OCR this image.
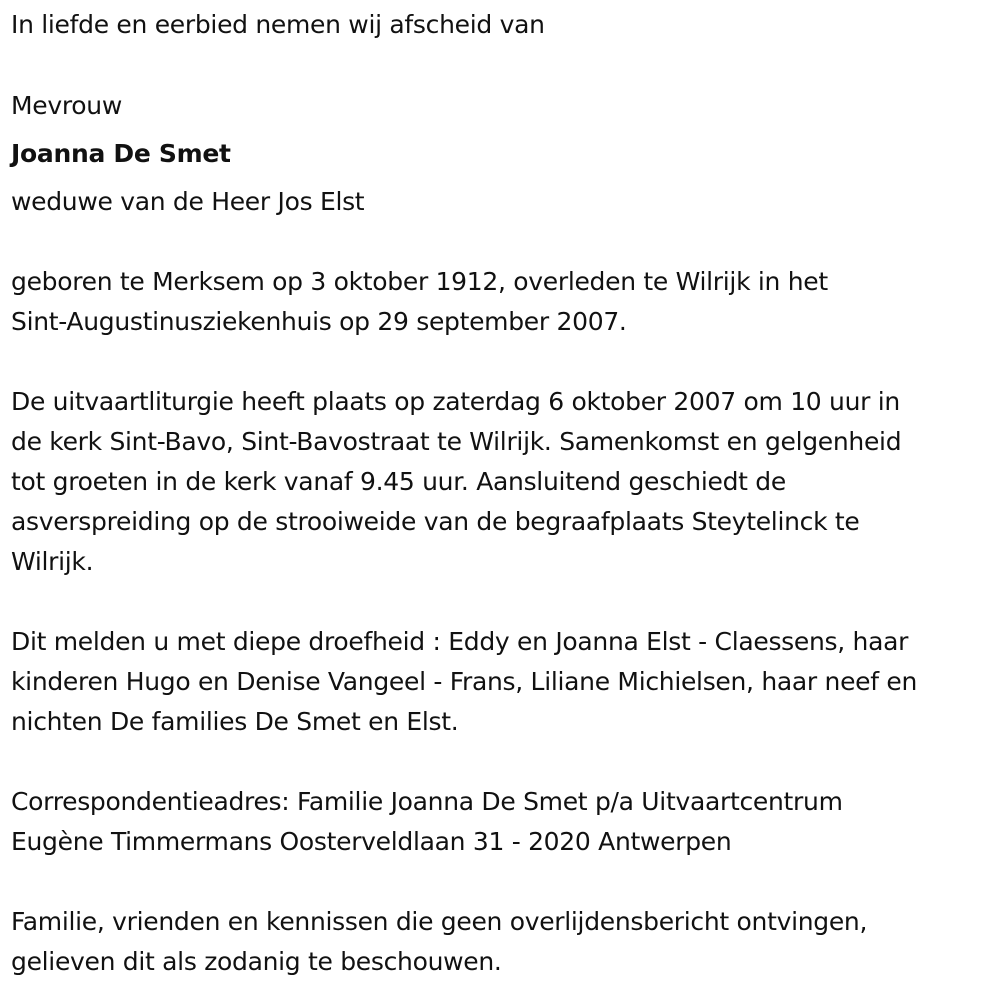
In liefde en eerbied nemen wij afscheid van
Mevrouw
Joanna De Smet
weduwe van de Heer Jos Elst
geboren te Merksem op 3 oktober 1912, overleden te Wilrijk in het
Sint-Augustinusziekenhuis op 29 september 2007.
De uitvaartliturgie heeft plaats op zaterdag 6 oktober 2007 om 10 uur in
de kerk Sint-Bavo, Sint-Bavostraat te Wilrijk. Samenkomst en gelgenheid
tot groeten in de kerk vanaf 9.45 uur. Aansluitend geschiedt de
asverspreiding op de strooiweide van de begraafplaats Steytelinck te
Wilrijk.
Dit melden u met diepe droefheid : Eddy en Joanna Elst - Claessens, haar
kinderen Hugo en Denise Vangeel - Frans, Liliane Michielsen, haar neef en
nichten De families De Smet en Elst.
Correspondentieadres: Familie Joanna De Smet p/a Uitvaartcentrum
Eugène Timmermans Oosterveldlaan 31 - 2020 Antwerpen
Familie, vrienden en kennissen die geen overlijdensbericht ontvingen,
gelieven dit als zodanig te beschouwen.
